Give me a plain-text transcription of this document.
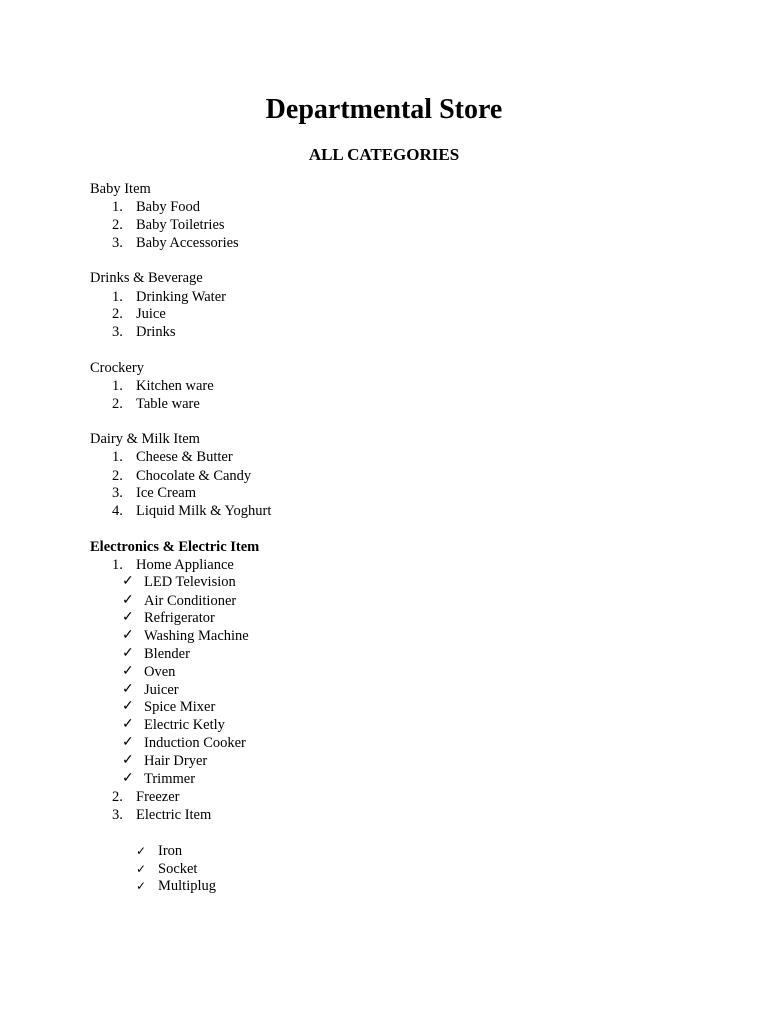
Departmental Store
ALL CATEGORIES
Baby Item
1. Baby Food
2. Baby Toiletries
3. Baby Accessories
Drinks & Beverage
1. Drinking Water
2. Juice
3. Drinks
Crockery
1. Kitchen ware
2. Table ware
Dairy & Milk Item
1. Cheese & Butter
2. Chocolate & Candy
3. Ice Cream
4. Liquid Milk & Yoghurt
Electronics & Electric Item
1. Home Appliance
✓ LED Television
✓ Air Conditioner
✓ Refrigerator
✓ Washing Machine
✓ Blender
✓ Oven
✓ Juicer
✓ Spice Mixer
✓ Electric Ketly
✓ Induction Cooker
✓ Hair Dryer
✓ Trimmer
2. Freezer
3. Electric Item
✓ Iron
✓ Socket
✓ Multiplug
